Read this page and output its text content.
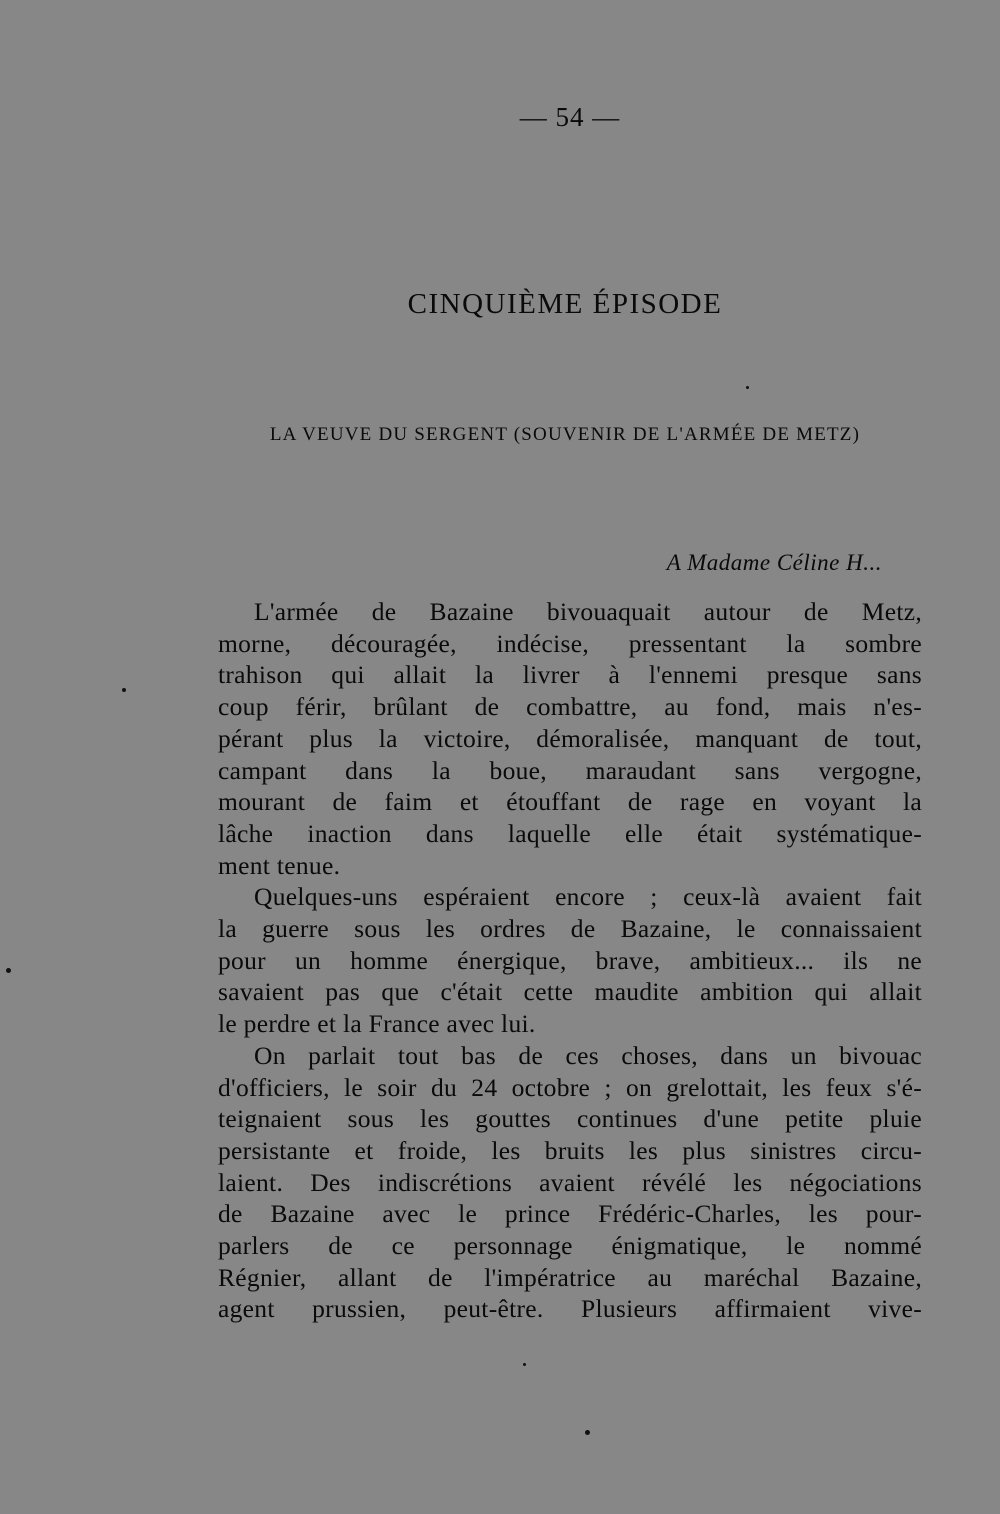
— 54 —
CINQUIÈME ÉPISODE
LA VEUVE DU SERGENT (SOUVENIR DE L'ARMÉE DE METZ)
A Madame Céline H...
L'armée de Bazaine bivouaquait autour de Metz,
morne, découragée, indécise, pressentant la sombre
trahison qui allait la livrer à l'ennemi presque sans
coup férir, brûlant de combattre, au fond, mais n'es-
pérant plus la victoire, démoralisée, manquant de tout,
campant dans la boue, maraudant sans vergogne,
mourant de faim et étouffant de rage en voyant la
lâche inaction dans laquelle elle était systématique-
ment tenue.
Quelques-uns espéraient encore ; ceux-là avaient fait
la guerre sous les ordres de Bazaine, le connaissaient
pour un homme énergique, brave, ambitieux... ils ne
savaient pas que c'était cette maudite ambition qui allait
le perdre et la France avec lui.
On parlait tout bas de ces choses, dans un bivouac
d'officiers, le soir du 24 octobre ; on grelottait, les feux s'é-
teignaient sous les gouttes continues d'une petite pluie
persistante et froide, les bruits les plus sinistres circu-
laient. Des indiscrétions avaient révélé les négociations
de Bazaine avec le prince Frédéric-Charles, les pour-
parlers de ce personnage énigmatique, le nommé
Régnier, allant de l'impératrice au maréchal Bazaine,
agent prussien, peut-être. Plusieurs affirmaient vive-
